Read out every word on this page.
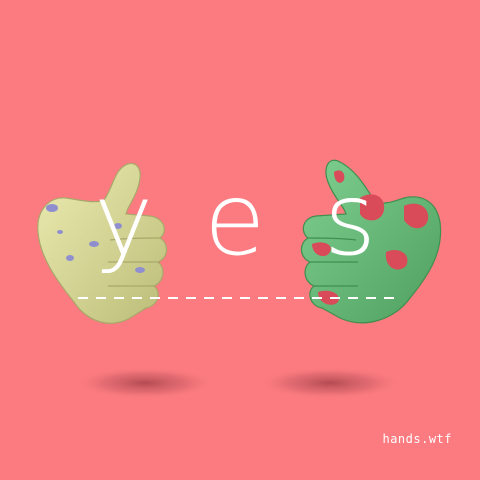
y e s
hands.wtf
